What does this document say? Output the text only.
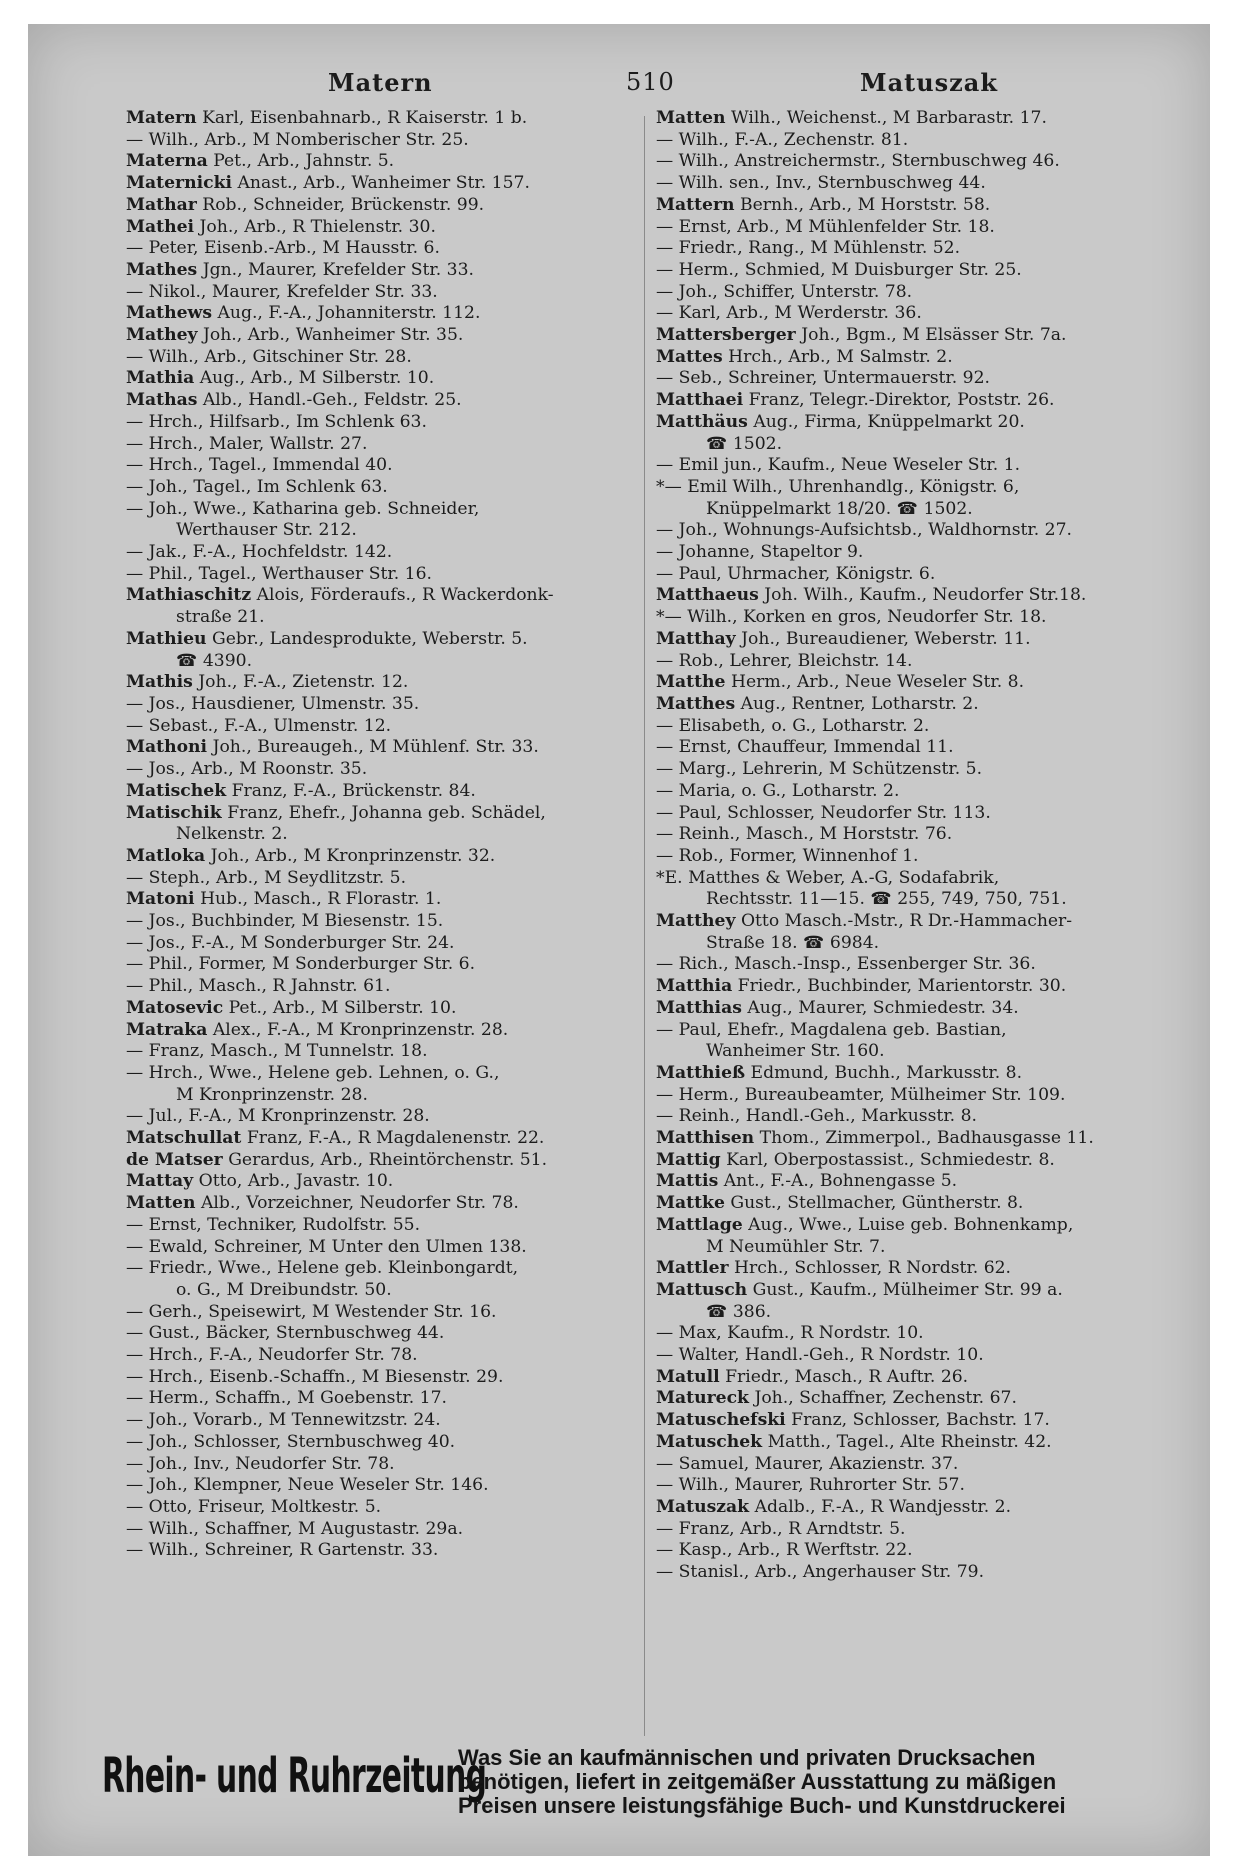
Matern	510	Matuszak
Matern Karl, Eisenbahnarb., R Kaiserstr. 1 b.
— Wilh., Arb., M Nomberischer Str. 25.
Materna Pet., Arb., Jahnstr. 5.
Maternicki Anast., Arb., Wanheimer Str. 157.
Mathar Rob., Schneider, Brückenstr. 99.
Mathei Joh., Arb., R Thielenstr. 30.
— Peter, Eisenb.-Arb., M Hausstr. 6.
Mathes Jgn., Maurer, Krefelder Str. 33.
— Nikol., Maurer, Krefelder Str. 33.
Mathews Aug., F.-A., Johanniterstr. 112.
Mathey Joh., Arb., Wanheimer Str. 35.
— Wilh., Arb., Gitschiner Str. 28.
Mathia Aug., Arb., M Silberstr. 10.
Mathas Alb., Handl.-Geh., Feldstr. 25.
— Hrch., Hilfsarb., Im Schlenk 63.
— Hrch., Maler, Wallstr. 27.
— Hrch., Tagel., Immendal 40.
— Joh., Tagel., Im Schlenk 63.
— Joh., Wwe., Katharina geb. Schneider,
Werthauser Str. 212.
— Jak., F.-A., Hochfeldstr. 142.
— Phil., Tagel., Werthauser Str. 16.
Mathiaschitz Alois, Förderaufs., R Wackerdonk-
straße 21.
Mathieu Gebr., Landesprodukte, Weberstr. 5.
☎ 4390.
Mathis Joh., F.-A., Zietenstr. 12.
— Jos., Hausdiener, Ulmenstr. 35.
— Sebast., F.-A., Ulmenstr. 12.
Mathoni Joh., Bureaugeh., M Mühlenf. Str. 33.
— Jos., Arb., M Roonstr. 35.
Matischek Franz, F.-A., Brückenstr. 84.
Matischik Franz, Ehefr., Johanna geb. Schädel,
Nelkenstr. 2.
Matloka Joh., Arb., M Kronprinzenstr. 32.
— Steph., Arb., M Seydlitzstr. 5.
Matoni Hub., Masch., R Florastr. 1.
— Jos., Buchbinder, M Biesenstr. 15.
— Jos., F.-A., M Sonderburger Str. 24.
— Phil., Former, M Sonderburger Str. 6.
— Phil., Masch., R Jahnstr. 61.
Matosevic Pet., Arb., M Silberstr. 10.
Matraka Alex., F.-A., M Kronprinzenstr. 28.
— Franz, Masch., M Tunnelstr. 18.
— Hrch., Wwe., Helene geb. Lehnen, o. G.,
M Kronprinzenstr. 28.
— Jul., F.-A., M Kronprinzenstr. 28.
Matschullat Franz, F.-A., R Magdalenenstr. 22.
de Matser Gerardus, Arb., Rheintörchenstr. 51.
Mattay Otto, Arb., Javastr. 10.
Matten Alb., Vorzeichner, Neudorfer Str. 78.
— Ernst, Techniker, Rudolfstr. 55.
— Ewald, Schreiner, M Unter den Ulmen 138.
— Friedr., Wwe., Helene geb. Kleinbongardt,
o. G., M Dreibundstr. 50.
— Gerh., Speisewirt, M Westender Str. 16.
— Gust., Bäcker, Sternbuschweg 44.
— Hrch., F.-A., Neudorfer Str. 78.
— Hrch., Eisenb.-Schaffn., M Biesenstr. 29.
— Herm., Schaffn., M Goebenstr. 17.
— Joh., Vorarb., M Tennewitzstr. 24.
— Joh., Schlosser, Sternbuschweg 40.
— Joh., Inv., Neudorfer Str. 78.
— Joh., Klempner, Neue Weseler Str. 146.
— Otto, Friseur, Moltkestr. 5.
— Wilh., Schaffner, M Augustastr. 29a.
— Wilh., Schreiner, R Gartenstr. 33.
Matten Wilh., Weichenst., M Barbarastr. 17.
— Wilh., F.-A., Zechenstr. 81.
— Wilh., Anstreichermstr., Sternbuschweg 46.
— Wilh. sen., Inv., Sternbuschweg 44.
Mattern Bernh., Arb., M Horststr. 58.
— Ernst, Arb., M Mühlenfelder Str. 18.
— Friedr., Rang., M Mühlenstr. 52.
— Herm., Schmied, M Duisburger Str. 25.
— Joh., Schiffer, Unterstr. 78.
— Karl, Arb., M Werderstr. 36.
Mattersberger Joh., Bgm., M Elsässer Str. 7a.
Mattes Hrch., Arb., M Salmstr. 2.
— Seb., Schreiner, Untermauerstr. 92.
Matthaei Franz, Telegr.-Direktor, Poststr. 26.
Matthäus Aug., Firma, Knüppelmarkt 20.
☎ 1502.
— Emil jun., Kaufm., Neue Weseler Str. 1.
*— Emil Wilh., Uhrenhandlg., Königstr. 6,
Knüppelmarkt 18/20. ☎ 1502.
— Joh., Wohnungs-Aufsichtsb., Waldhornstr. 27.
— Johanne, Stapeltor 9.
— Paul, Uhrmacher, Königstr. 6.
Matthaeus Joh. Wilh., Kaufm., Neudorfer Str.18.
*— Wilh., Korken en gros, Neudorfer Str. 18.
Matthay Joh., Bureaudiener, Weberstr. 11.
— Rob., Lehrer, Bleichstr. 14.
Matthe Herm., Arb., Neue Weseler Str. 8.
Matthes Aug., Rentner, Lotharstr. 2.
— Elisabeth, o. G., Lotharstr. 2.
— Ernst, Chauffeur, Immendal 11.
— Marg., Lehrerin, M Schützenstr. 5.
— Maria, o. G., Lotharstr. 2.
— Paul, Schlosser, Neudorfer Str. 113.
— Reinh., Masch., M Horststr. 76.
— Rob., Former, Winnenhof 1.
*E. Matthes & Weber, A.-G, Sodafabrik,
Rechtsstr. 11—15. ☎ 255, 749, 750, 751.
Matthey Otto Masch.-Mstr., R Dr.-Hammacher-
Straße 18. ☎ 6984.
— Rich., Masch.-Insp., Essenberger Str. 36.
Matthia Friedr., Buchbinder, Marientorstr. 30.
Matthias Aug., Maurer, Schmiedestr. 34.
— Paul, Ehefr., Magdalena geb. Bastian,
Wanheimer Str. 160.
Matthieß Edmund, Buchh., Markusstr. 8.
— Herm., Bureaubeamter, Mülheimer Str. 109.
— Reinh., Handl.-Geh., Markusstr. 8.
Matthisen Thom., Zimmerpol., Badhausgasse 11.
Mattig Karl, Oberpostassist., Schmiedestr. 8.
Mattis Ant., F.-A., Bohnengasse 5.
Mattke Gust., Stellmacher, Güntherstr. 8.
Mattlage Aug., Wwe., Luise geb. Bohnenkamp,
M Neumühler Str. 7.
Mattler Hrch., Schlosser, R Nordstr. 62.
Mattusch Gust., Kaufm., Mülheimer Str. 99 a.
☎ 386.
— Max, Kaufm., R Nordstr. 10.
— Walter, Handl.-Geh., R Nordstr. 10.
Matull Friedr., Masch., R Auftr. 26.
Matureck Joh., Schaffner, Zechenstr. 67.
Matuschefski Franz, Schlosser, Bachstr. 17.
Matuschek Matth., Tagel., Alte Rheinstr. 42.
— Samuel, Maurer, Akazienstr. 37.
— Wilh., Maurer, Ruhrorter Str. 57.
Matuszak Adalb., F.-A., R Wandjesstr. 2.
— Franz, Arb., R Arndtstr. 5.
— Kasp., Arb., R Werftstr. 22.
— Stanisl., Arb., Angerhauser Str. 79.
Rhein- und Ruhrzeitung
Was Sie an kaufmännischen und privaten Drucksachen
benötigen, liefert in zeitgemäßer Ausstattung zu mäßigen
Preisen unsere leistungsfähige Buch- und Kunstdruckerei
